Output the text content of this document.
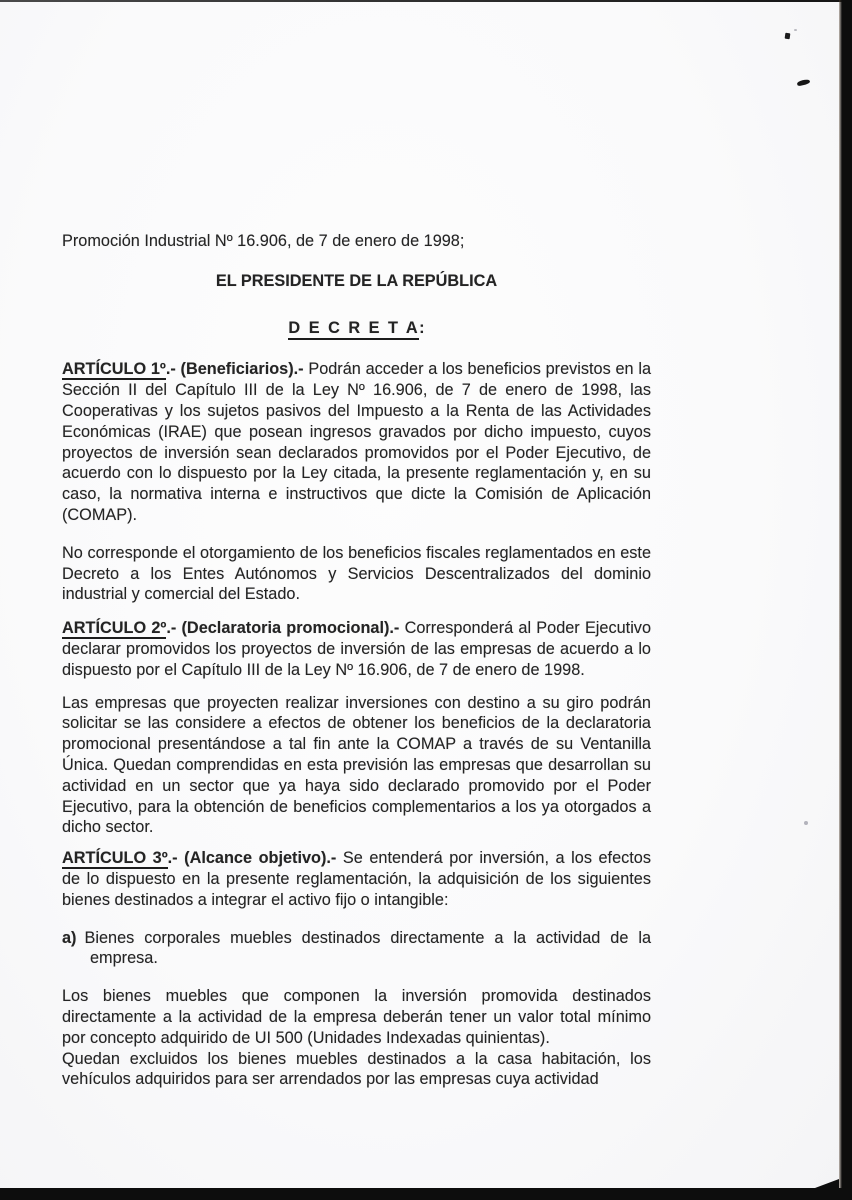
Promoción Industrial Nº 16.906, de 7 de enero de 1998;

EL PRESIDENTE DE LA REPÚBLICA

D E C R E T A:

ARTÍCULO 1º.- (Beneficiarios).- Podrán acceder a los beneficios previstos en la Sección II del Capítulo III de la Ley Nº 16.906, de 7 de enero de 1998, las Cooperativas y los sujetos pasivos del Impuesto a la Renta de las Actividades Económicas (IRAE) que posean ingresos gravados por dicho impuesto, cuyos proyectos de inversión sean declarados promovidos por el Poder Ejecutivo, de acuerdo con lo dispuesto por la Ley citada, la presente reglamentación y, en su caso, la normativa interna e instructivos que dicte la Comisión de Aplicación (COMAP).

No corresponde el otorgamiento de los beneficios fiscales reglamentados en este Decreto a los Entes Autónomos y Servicios Descentralizados del dominio industrial y comercial del Estado.

ARTÍCULO 2º.- (Declaratoria promocional).- Corresponderá al Poder Ejecutivo declarar promovidos los proyectos de inversión de las empresas de acuerdo a lo dispuesto por el Capítulo III de la Ley Nº 16.906, de 7 de enero de 1998.

Las empresas que proyecten realizar inversiones con destino a su giro podrán solicitar se las considere a efectos de obtener los beneficios de la declaratoria promocional presentándose a tal fin ante la COMAP a través de su Ventanilla Única. Quedan comprendidas en esta previsión las empresas que desarrollan su actividad en un sector que ya haya sido declarado promovido por el Poder Ejecutivo, para la obtención de beneficios complementarios a los ya otorgados a dicho sector.

ARTÍCULO 3º.- (Alcance objetivo).- Se entenderá por inversión, a los efectos de lo dispuesto en la presente reglamentación, la adquisición de los siguientes bienes destinados a integrar el activo fijo o intangible:

a) Bienes corporales muebles destinados directamente a la actividad de la empresa.

Los bienes muebles que componen la inversión promovida destinados directamente a la actividad de la empresa deberán tener un valor total mínimo por concepto adquirido de UI 500 (Unidades Indexadas quinientas).

Quedan excluidos los bienes muebles destinados a la casa habitación, los vehículos adquiridos para ser arrendados por las empresas cuya actividad
